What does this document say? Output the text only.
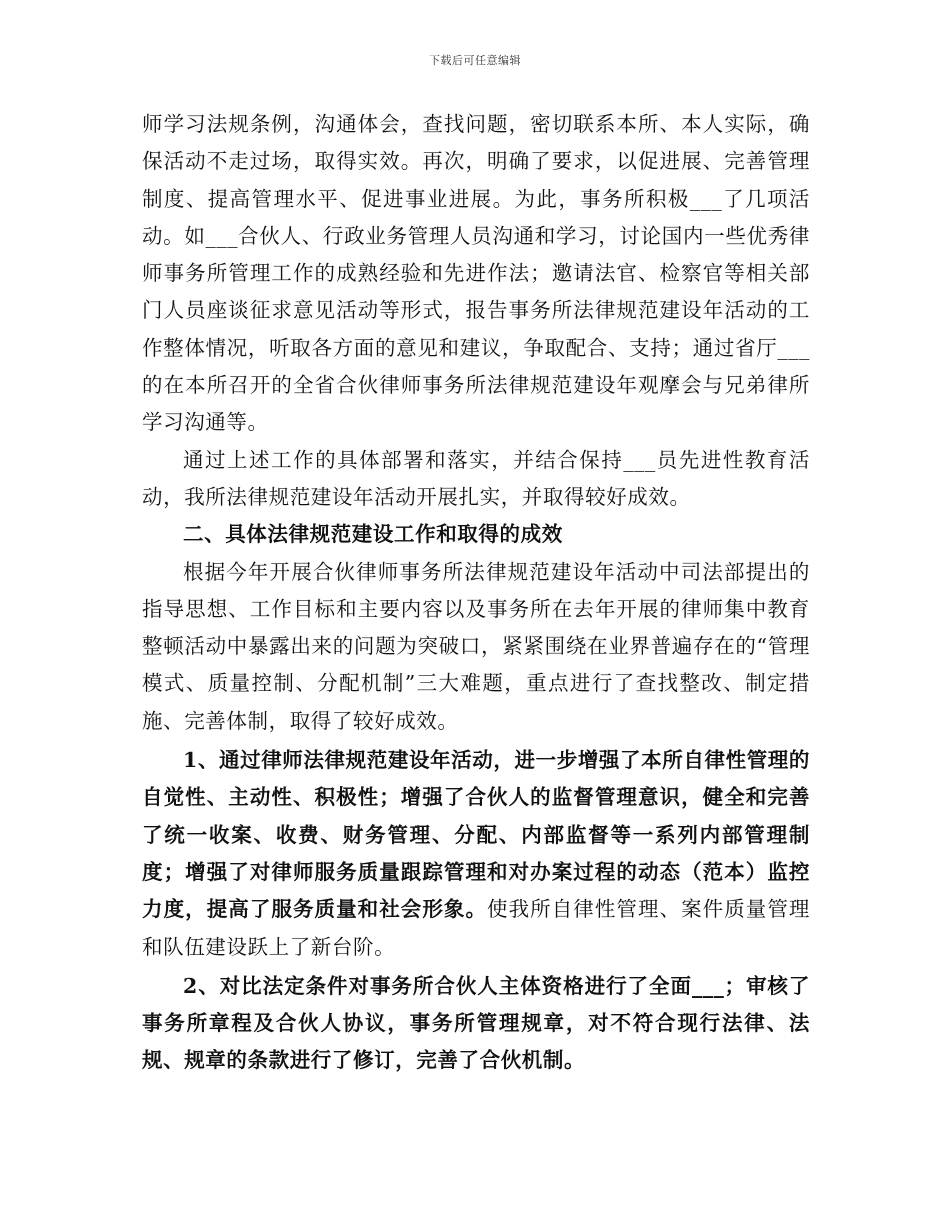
下载后可任意编辑

师学习法规条例，沟通体会，查找问题，密切联系本所、本人实际，确保活动不走过场，取得实效。再次，明确了要求，以促进展、完善管理制度、提高管理水平、促进事业进展。为此，事务所积极___了几项活动。如___合伙人、行政业务管理人员沟通和学习，讨论国内一些优秀律师事务所管理工作的成熟经验和先进作法；邀请法官、检察官等相关部门人员座谈征求意见活动等形式，报告事务所法律规范建设年活动的工作整体情况，听取各方面的意见和建议，争取配合、支持；通过省厅___的在本所召开的全省合伙律师事务所法律规范建设年观摩会与兄弟律所学习沟通等。

通过上述工作的具体部署和落实，并结合保持___员先进性教育活动，我所法律规范建设年活动开展扎实，并取得较好成效。

二、具体法律规范建设工作和取得的成效

根据今年开展合伙律师事务所法律规范建设年活动中司法部提出的指导思想、工作目标和主要内容以及事务所在去年开展的律师集中教育整顿活动中暴露出来的问题为突破口，紧紧围绕在业界普遍存在的“管理模式、质量控制、分配机制”三大难题，重点进行了查找整改、制定措施、完善体制，取得了较好成效。

1、通过律师法律规范建设年活动，进一步增强了本所自律性管理的自觉性、主动性、积极性；增强了合伙人的监督管理意识，健全和完善了统一收案、收费、财务管理、分配、内部监督等一系列内部管理制度；增强了对律师服务质量跟踪管理和对办案过程的动态（范本）监控力度，提高了服务质量和社会形象。使我所自律性管理、案件质量管理和队伍建设跃上了新台阶。

2、对比法定条件对事务所合伙人主体资格进行了全面___；审核了事务所章程及合伙人协议，事务所管理规章，对不符合现行法律、法规、规章的条款进行了修订，完善了合伙机制。
